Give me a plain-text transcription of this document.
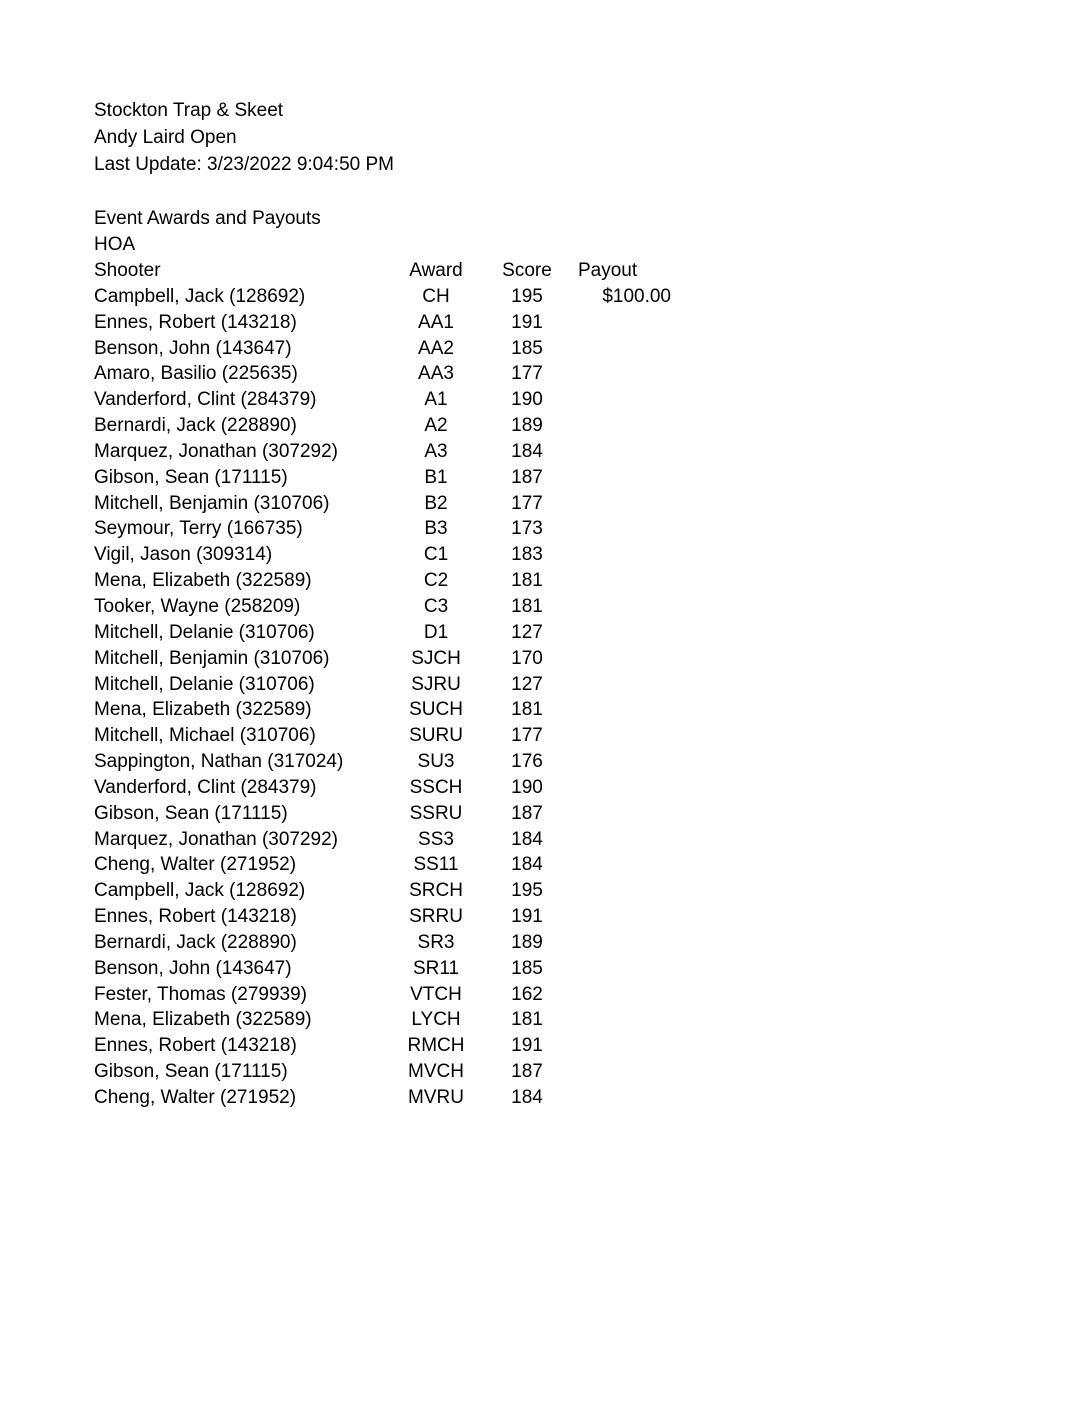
Stockton Trap & Skeet
Andy Laird Open
Last Update: 3/23/2022 9:04:50 PM
Event Awards and Payouts
HOA
Shooter	Award	Score	Payout
Campbell, Jack (128692)	CH	195	$100.00
Ennes, Robert (143218)	AA1	191
Benson, John (143647)	AA2	185
Amaro, Basilio (225635)	AA3	177
Vanderford, Clint (284379)	A1	190
Bernardi, Jack (228890)	A2	189
Marquez, Jonathan (307292)	A3	184
Gibson, Sean (171115)	B1	187
Mitchell, Benjamin (310706)	B2	177
Seymour, Terry (166735)	B3	173
Vigil, Jason (309314)	C1	183
Mena, Elizabeth (322589)	C2	181
Tooker, Wayne (258209)	C3	181
Mitchell, Delanie (310706)	D1	127
Mitchell, Benjamin (310706)	SJCH	170
Mitchell, Delanie (310706)	SJRU	127
Mena, Elizabeth (322589)	SUCH	181
Mitchell, Michael (310706)	SURU	177
Sappington, Nathan (317024)	SU3	176
Vanderford, Clint (284379)	SSCH	190
Gibson, Sean (171115)	SSRU	187
Marquez, Jonathan (307292)	SS3	184
Cheng, Walter (271952)	SS11	184
Campbell, Jack (128692)	SRCH	195
Ennes, Robert (143218)	SRRU	191
Bernardi, Jack (228890)	SR3	189
Benson, John (143647)	SR11	185
Fester, Thomas (279939)	VTCH	162
Mena, Elizabeth (322589)	LYCH	181
Ennes, Robert (143218)	RMCH	191
Gibson, Sean (171115)	MVCH	187
Cheng, Walter (271952)	MVRU	184
